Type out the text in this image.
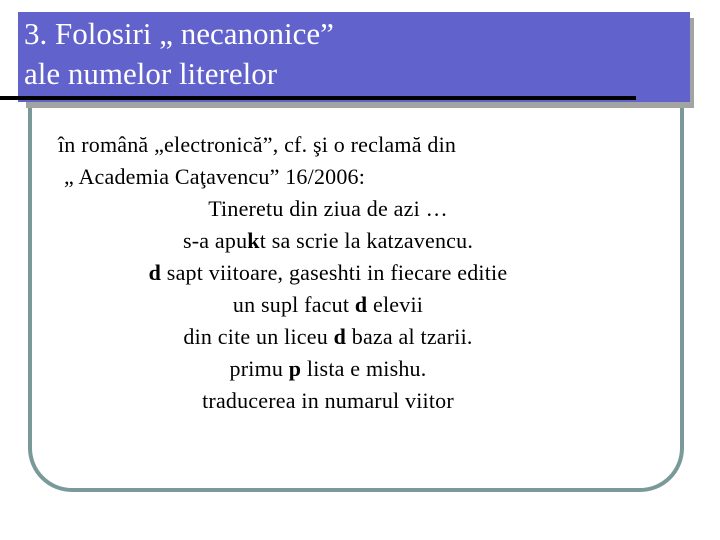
3. Folosiri „ necanonice”
ale numelor literelor
în română „electronică”, cf. şi o reclamă din
„ Academia Caţavencu” 16/2006:
Tineretu din ziua de azi …
s-a apukt sa scrie la katzavencu.
d sapt viitoare, gaseshti in fiecare editie
un supl facut d elevii
din cite un liceu d baza al tzarii.
primu p lista e mishu.
traducerea in numarul viitor
